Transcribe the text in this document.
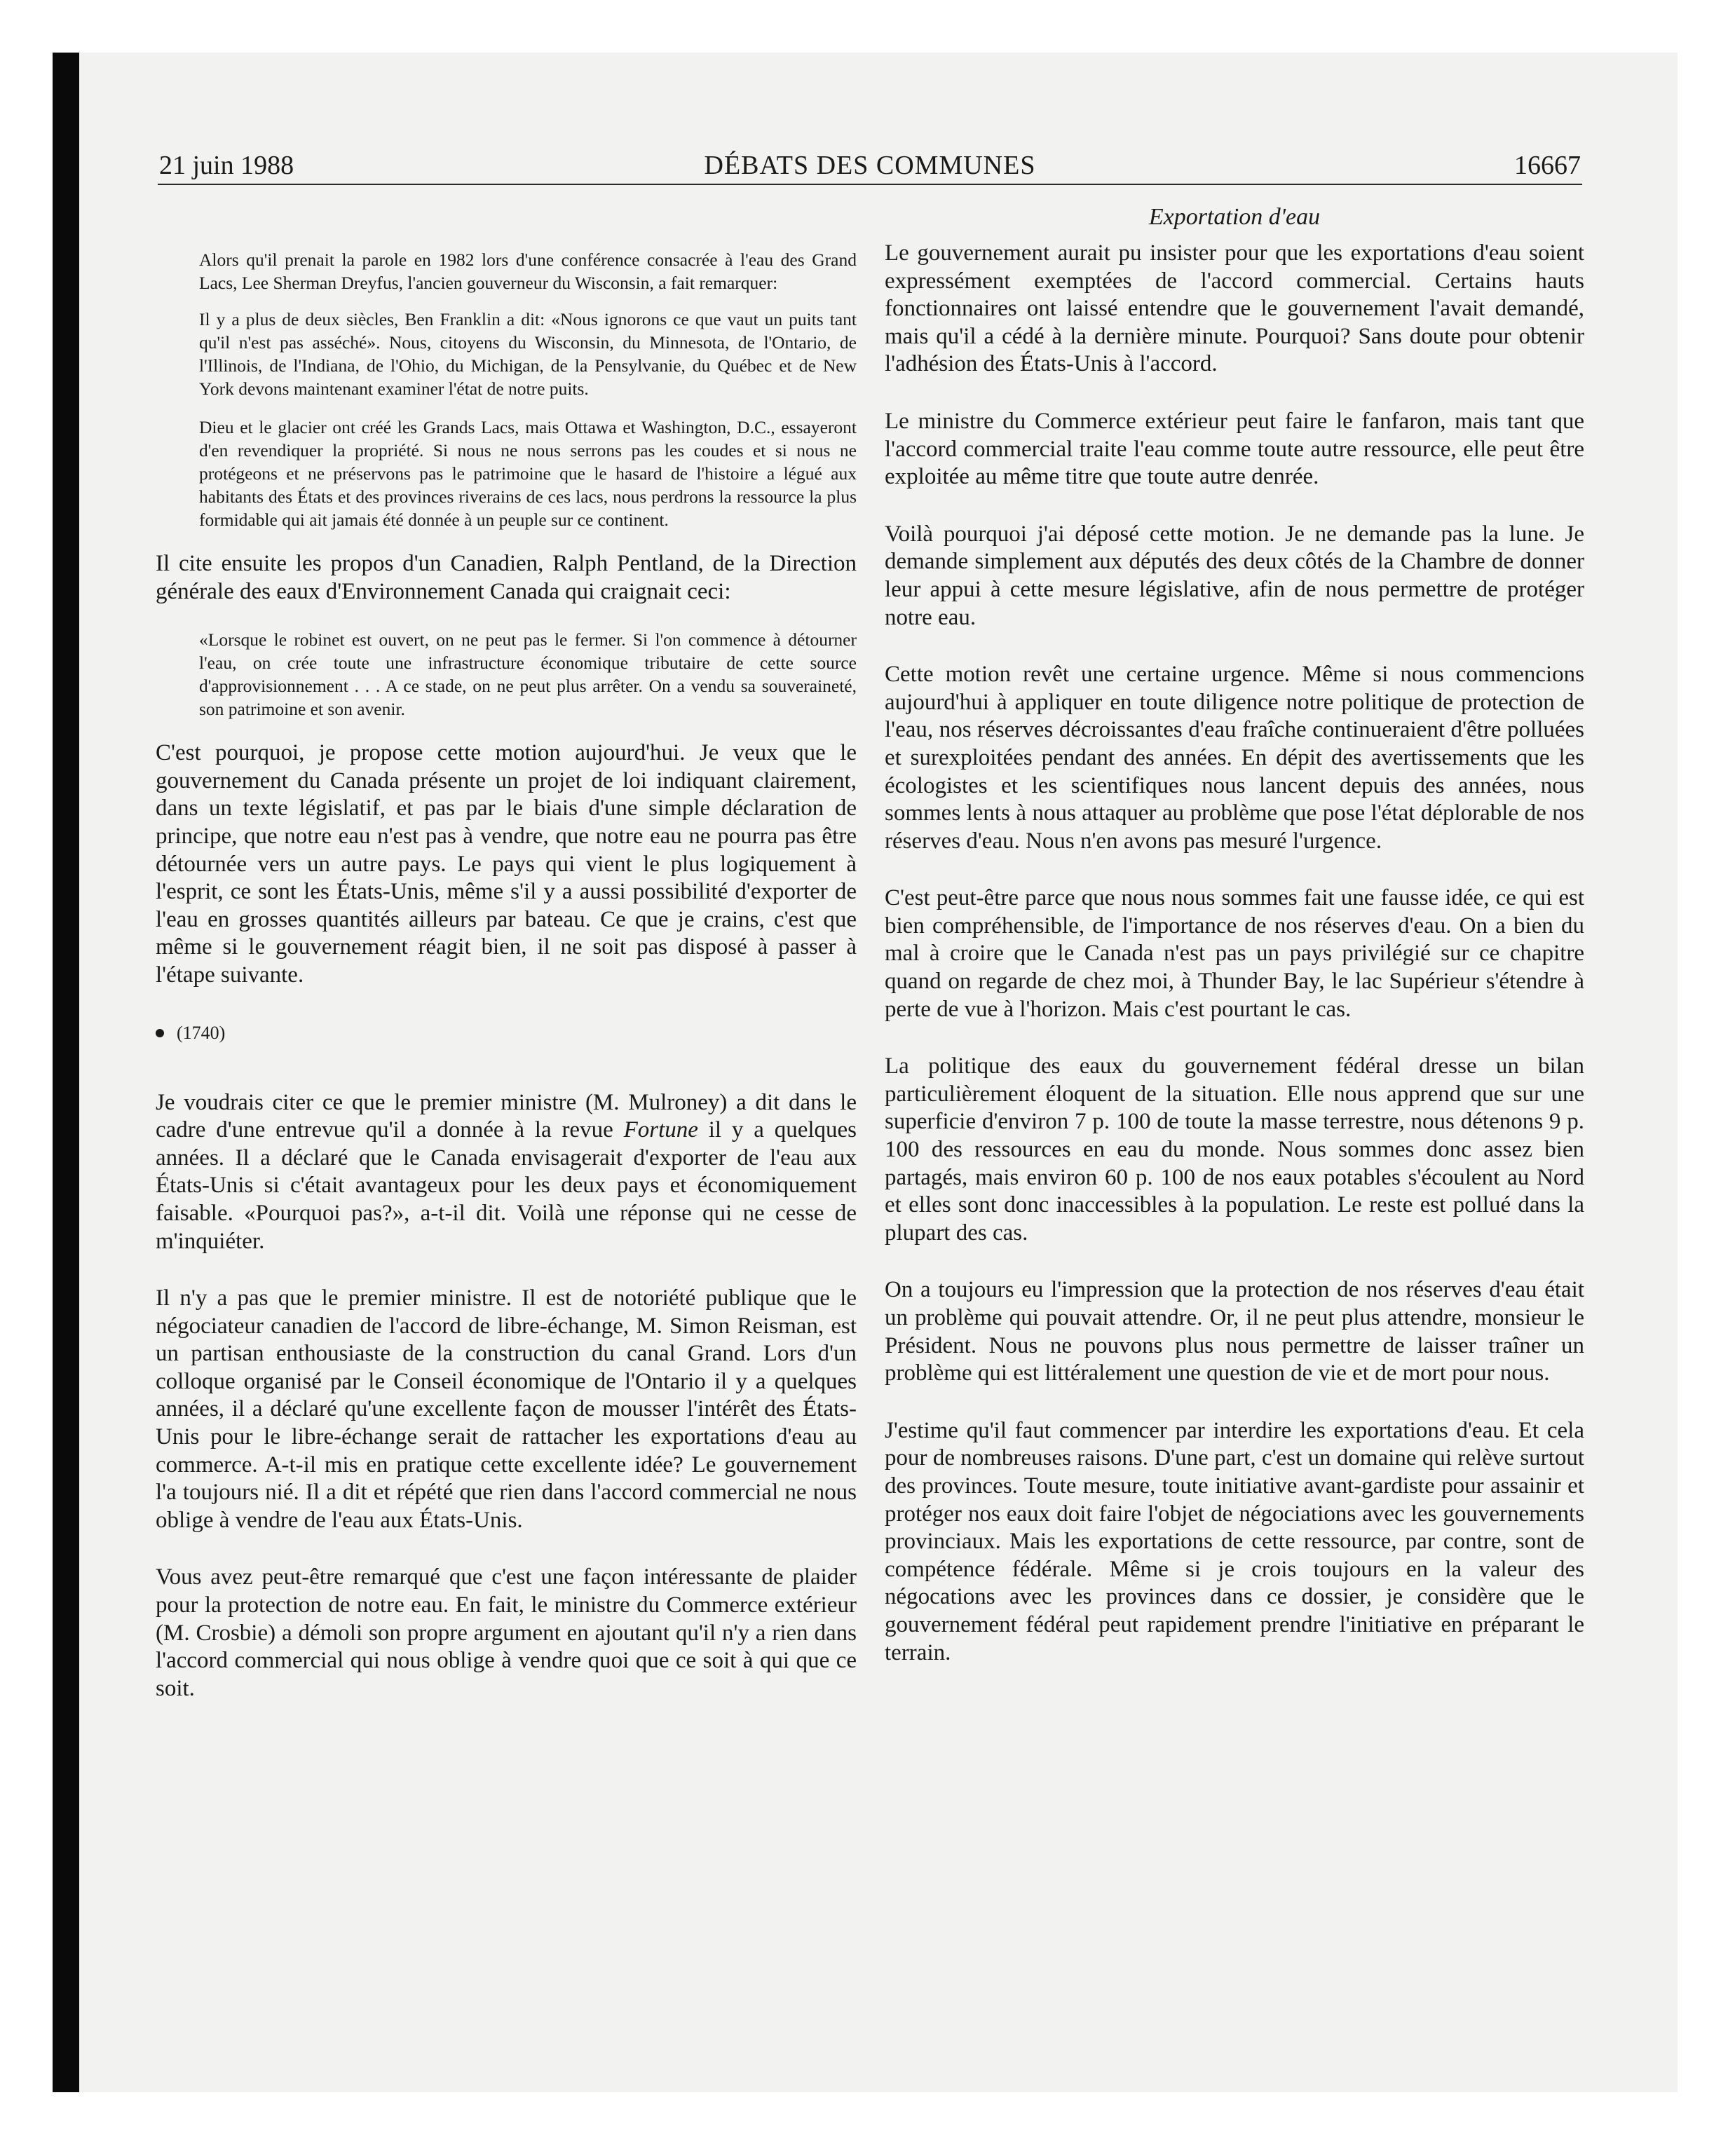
21 juin 1988	DÉBATS DES COMMUNES	16667

Alors qu'il prenait la parole en 1982 lors d'une conférence consacrée à l'eau des Grand Lacs, Lee Sherman Dreyfus, l'ancien gouverneur du Wisconsin, a fait remarquer:

Il y a plus de deux siècles, Ben Franklin a dit: «Nous ignorons ce que vaut un puits tant qu'il n'est pas asséché». Nous, citoyens du Wisconsin, du Minnesota, de l'Ontario, de l'Illinois, de l'Indiana, de l'Ohio, du Michigan, de la Pensylvanie, du Québec et de New York devons maintenant examiner l'état de notre puits.

Dieu et le glacier ont créé les Grands Lacs, mais Ottawa et Washington, D.C., essayeront d'en revendiquer la propriété. Si nous ne nous serrons pas les coudes et si nous ne protégeons et ne préservons pas le patrimoine que le hasard de l'histoire a légué aux habitants des États et des provinces riverains de ces lacs, nous perdrons la ressource la plus formidable qui ait jamais été donnée à un peuple sur ce continent.

Il cite ensuite les propos d'un Canadien, Ralph Pentland, de la Direction générale des eaux d'Environnement Canada qui craignait ceci:

«Lorsque le robinet est ouvert, on ne peut pas le fermer. Si l'on commence à détourner l'eau, on crée toute une infrastructure économique tributaire de cette source d'approvisionnement . . . A ce stade, on ne peut plus arrêter. On a vendu sa souveraineté, son patrimoine et son avenir.

C'est pourquoi, je propose cette motion aujourd'hui. Je veux que le gouvernement du Canada présente un projet de loi indiquant clairement, dans un texte législatif, et pas par le biais d'une simple déclaration de principe, que notre eau n'est pas à vendre, que notre eau ne pourra pas être détournée vers un autre pays. Le pays qui vient le plus logiquement à l'esprit, ce sont les États-Unis, même s'il y a aussi possibilité d'exporter de l'eau en grosses quantités ailleurs par bateau. Ce que je crains, c'est que même si le gouvernement réagit bien, il ne soit pas disposé à passer à l'étape suivante.

(1740)

Je voudrais citer ce que le premier ministre (M. Mulroney) a dit dans le cadre d'une entrevue qu'il a donnée à la revue Fortune il y a quelques années. Il a déclaré que le Canada envisagerait d'exporter de l'eau aux États-Unis si c'était avantageux pour les deux pays et économiquement faisable. «Pourquoi pas?», a-t-il dit. Voilà une réponse qui ne cesse de m'inquiéter.

Il n'y a pas que le premier ministre. Il est de notoriété publique que le négociateur canadien de l'accord de libre-échange, M. Simon Reisman, est un partisan enthousiaste de la construction du canal Grand. Lors d'un colloque organisé par le Conseil économique de l'Ontario il y a quelques années, il a déclaré qu'une excellente façon de mousser l'intérêt des États-Unis pour le libre-échange serait de rattacher les exportations d'eau au commerce. A-t-il mis en pratique cette excellente idée? Le gouvernement l'a toujours nié. Il a dit et répété que rien dans l'accord commercial ne nous oblige à vendre de l'eau aux États-Unis.

Vous avez peut-être remarqué que c'est une façon intéressante de plaider pour la protection de notre eau. En fait, le ministre du Commerce extérieur (M. Crosbie) a démoli son propre argument en ajoutant qu'il n'y a rien dans l'accord commercial qui nous oblige à vendre quoi que ce soit à qui que ce soit.

Exportation d'eau

Le gouvernement aurait pu insister pour que les exportations d'eau soient expressément exemptées de l'accord commercial. Certains hauts fonctionnaires ont laissé entendre que le gouvernement l'avait demandé, mais qu'il a cédé à la dernière minute. Pourquoi? Sans doute pour obtenir l'adhésion des États-Unis à l'accord.

Le ministre du Commerce extérieur peut faire le fanfaron, mais tant que l'accord commercial traite l'eau comme toute autre ressource, elle peut être exploitée au même titre que toute autre denrée.

Voilà pourquoi j'ai déposé cette motion. Je ne demande pas la lune. Je demande simplement aux députés des deux côtés de la Chambre de donner leur appui à cette mesure législative, afin de nous permettre de protéger notre eau.

Cette motion revêt une certaine urgence. Même si nous commencions aujourd'hui à appliquer en toute diligence notre politique de protection de l'eau, nos réserves décroissantes d'eau fraîche continueraient d'être polluées et surexploitées pendant des années. En dépit des avertissements que les écologistes et les scientifiques nous lancent depuis des années, nous sommes lents à nous attaquer au problème que pose l'état déplorable de nos réserves d'eau. Nous n'en avons pas mesuré l'urgence.

C'est peut-être parce que nous nous sommes fait une fausse idée, ce qui est bien compréhensible, de l'importance de nos réserves d'eau. On a bien du mal à croire que le Canada n'est pas un pays privilégié sur ce chapitre quand on regarde de chez moi, à Thunder Bay, le lac Supérieur s'étendre à perte de vue à l'horizon. Mais c'est pourtant le cas.

La politique des eaux du gouvernement fédéral dresse un bilan particulièrement éloquent de la situation. Elle nous apprend que sur une superficie d'environ 7 p. 100 de toute la masse terrestre, nous détenons 9 p. 100 des ressources en eau du monde. Nous sommes donc assez bien partagés, mais environ 60 p. 100 de nos eaux potables s'écoulent au Nord et elles sont donc inaccessibles à la population. Le reste est pollué dans la plupart des cas.

On a toujours eu l'impression que la protection de nos réserves d'eau était un problème qui pouvait attendre. Or, il ne peut plus attendre, monsieur le Président. Nous ne pouvons plus nous permettre de laisser traîner un problème qui est littéralement une question de vie et de mort pour nous.

J'estime qu'il faut commencer par interdire les exportations d'eau. Et cela pour de nombreuses raisons. D'une part, c'est un domaine qui relève surtout des provinces. Toute mesure, toute initiative avant-gardiste pour assainir et protéger nos eaux doit faire l'objet de négociations avec les gouvernements provinciaux. Mais les exportations de cette ressource, par contre, sont de compétence fédérale. Même si je crois toujours en la valeur des négocations avec les provinces dans ce dossier, je considère que le gouvernement fédéral peut rapidement prendre l'initiative en préparant le terrain.
